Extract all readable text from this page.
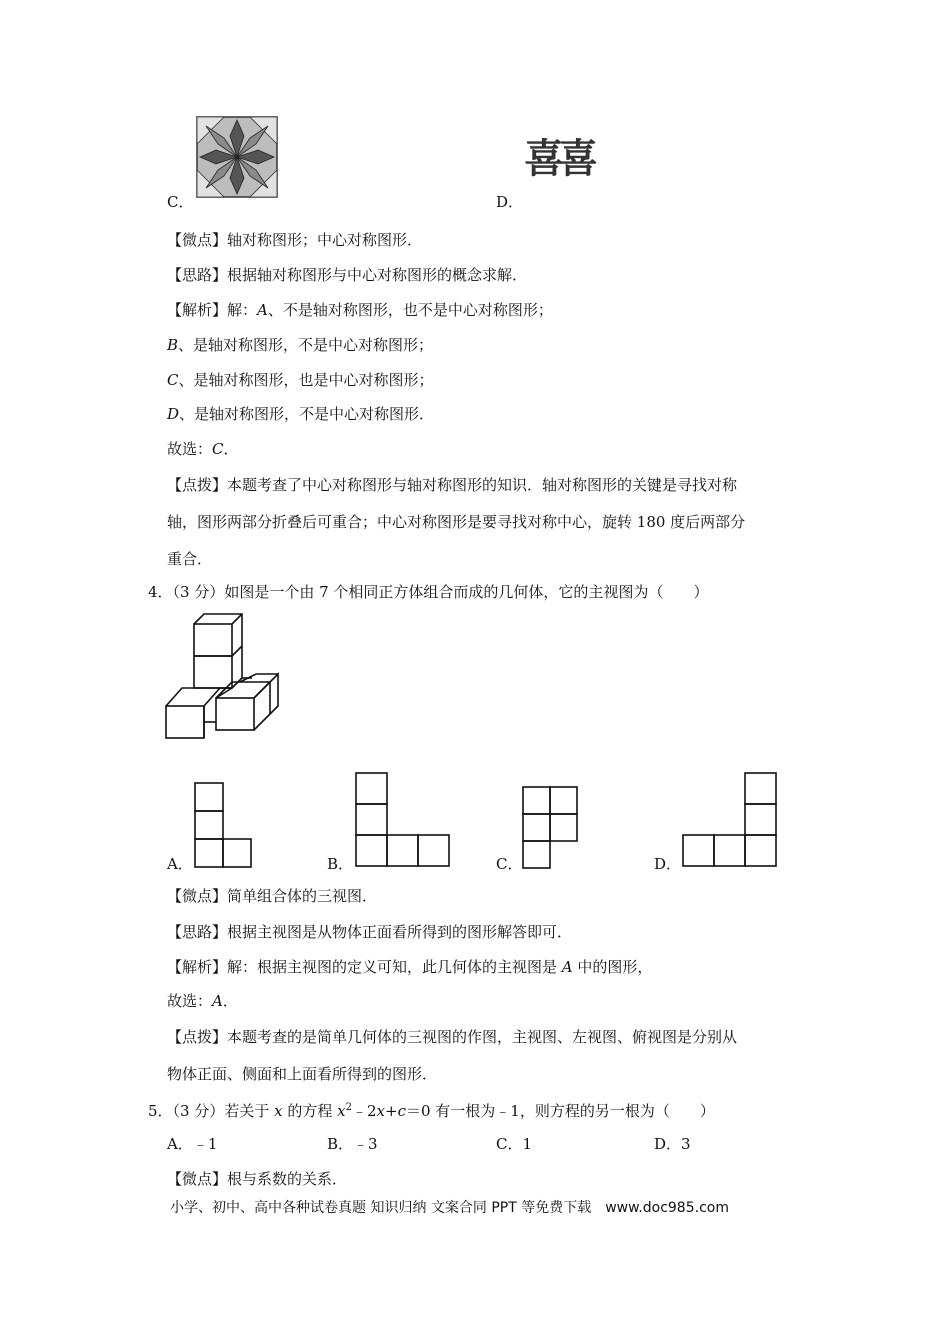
C．	D．
喜喜
【微点】轴对称图形；中心对称图形．
【思路】根据轴对称图形与中心对称图形的概念求解．
【解析】解：A、不是轴对称图形，也不是中心对称图形；
B、是轴对称图形，不是中心对称图形；
C、是轴对称图形，也是中心对称图形；
D、是轴对称图形，不是中心对称图形．
故选：C．
【点拨】本题考查了中心对称图形与轴对称图形的知识．轴对称图形的关键是寻找对称
轴，图形两部分折叠后可重合；中心对称图形是要寻找对称中心，旋转 180 度后两部分
重合．
4．（3 分）如图是一个由 7 个相同正方体组合而成的几何体，它的主视图为（　　）
A．	B．	C．	D．
【微点】简单组合体的三视图．
【思路】根据主视图是从物体正面看所得到的图形解答即可．
【解析】解：根据主视图的定义可知，此几何体的主视图是 A 中的图形，
故选：A．
【点拨】本题考查的是简单几何体的三视图的作图，主视图、左视图、俯视图是分别从
物体正面、侧面和上面看所得到的图形．
5．（3 分）若关于 x 的方程 $x^2﹣2x+c=0$ 有一根为﹣1，则方程的另一根为（　　）
A．﹣1	B．﹣3	C．1	D．3
【微点】根与系数的关系．
小学、初中、高中各种试卷真题 知识归纳 文案合同 PPT 等免费下载　www.doc985.com
